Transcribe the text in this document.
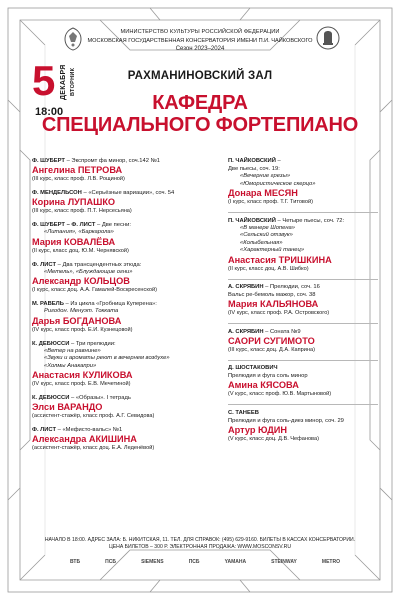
МИНИСТЕРСТВО КУЛЬТУРЫ РОССИЙСКОЙ ФЕДЕРАЦИИ
МОСКОВСКАЯ ГОСУДАРСТВЕННАЯ КОНСЕРВАТОРИЯ ИМЕНИ П.И. ЧАЙКОВСКОГО
Сезон 2023–2024
5 ДЕКАБРЯ ВТОРНИК
18:00
РАХМАНИНОВСКИЙ ЗАЛ
КАФЕДРА
СПЕЦИАЛЬНОГО ФОРТЕПИАНО
Ф. ШУБЕРТ – Экспромт фа минор, соч.142 №1
Ангелина ПЕТРОВА
(III курс, класс проф. Л.В. Рощиной)
Ф. МЕНДЕЛЬСОН – «Серьёзные вариации», соч. 54
Корина ЛУПАШКО
(III курс, класс проф. П.Т. Нерсесьяна)
Ф. ШУБЕРТ – Ф. ЛИСТ – Две песни:
«Литания», «Баркарола»
Мария КОВАЛЁВА
(II курс, класс доц. Ю.М. Чернявской)
Ф. ЛИСТ – Два трансцендентных этюда:
«Метель», «Блуждающие огни»
Александр КОЛЬЦОВ
(I курс, класс доц. А.А. Гамалей-Воскресенской)
М. РАВЕЛЬ – Из цикла «Гробница Куперена»:
Ригодон. Менуэт. Токката
Дарья БОГДАНОВА
(IV курс, класс проф. Е.И. Кузнецовой)
К. ДЕБЮССИ – Три прелюдии:
«Ветер на равнине»
«Звуки и ароматы реют в вечернем воздухе»
«Холмы Анакапри»
Анастасия КУЛИКОВА
(IV курс, класс проф. Е.В. Мечетиной)
К. ДЕБЮССИ – «Образы». I тетрадь
Элси ВАРАНДО
(ассистент-стажёр, класс проф. А.Г. Севидова)
Ф. ЛИСТ – «Мефисто-вальс» №1
Александра АКИШИНА
(ассистент-стажёр, класс доц. Е.А. Леденёвой)
П. ЧАЙКОВСКИЙ –
Две пьесы, соч. 19:
«Вечерние грезы»
«Юмористическое скерцо»
Донара МЕСЯН
(I курс, класс проф. Т.Г. Титовой)
П. ЧАЙКОВСКИЙ – Четыре пьесы, соч. 72:
«В манере Шопена»
«Сельский отзвук»
«Колыбельная»
«Характерный танец»
Анастасия ТРИШКИНА
(II курс, класс доц. А.В. Шибко)
А. СКРЯБИН – Прелюдии, соч. 16
Вальс ре-бемоль мажор, соч. 38
Мария КАЛЬЯНОВА
(IV курс, класс проф. Р.А. Островского)
А. СКРЯБИН – Соната №9
САОРИ СУГИМОТО
(III курс, класс доц. Д.А. Каприна)
Д. ШОСТАКОВИЧ
Прелюдия и фуга соль минор
Амина КЯСОВА
(V курс, класс проф. Ю.В. Мартыновой)
С. ТАНЕЕВ
Прелюдия и фуга соль-диез минор, соч. 29
Артур ЮДИН
(V курс, класс доц. Д.В. Чефанова)
НАЧАЛО В 18:00. АДРЕС ЗАЛА: Б. НИКИТСКАЯ, 11. ТЕЛ. ДЛЯ СПРАВОК: (495) 629-9160. БИЛЕТЫ В КАССАХ КОНСЕРВАТОРИИ.
ЦЕНА БИЛЕТОВ – 300 Р. ЭЛЕКТРОННАЯ ПРОДАЖА: WWW.MOSCONSV.RU
ВТБ	ПСБ	SIEMENS	ПСБ	YAMAHA	STEINWAY	METRO
